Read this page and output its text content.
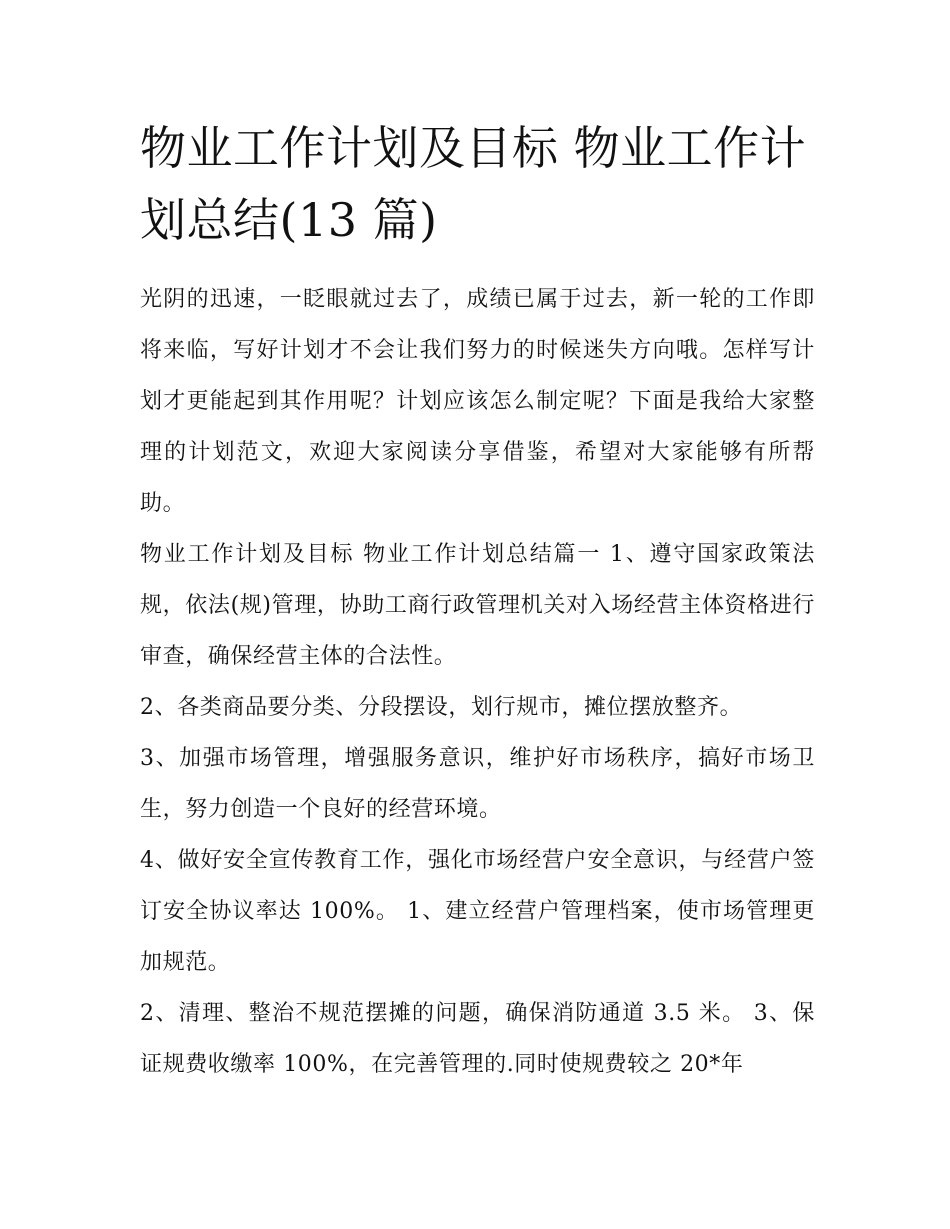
物业工作计划及目标 物业工作计划总结(13 篇)

光阴的迅速，一眨眼就过去了，成绩已属于过去，新一轮的工作即将来临，写好计划才不会让我们努力的时候迷失方向哦。怎样写计划才更能起到其作用呢？计划应该怎么制定呢？下面是我给大家整理的计划范文，欢迎大家阅读分享借鉴，希望对大家能够有所帮助。

物业工作计划及目标 物业工作计划总结篇一 1、遵守国家政策法规，依法(规)管理，协助工商行政管理机关对入场经营主体资格进行审查，确保经营主体的合法性。

2、各类商品要分类、分段摆设，划行规市，摊位摆放整齐。

3、加强市场管理，增强服务意识，维护好市场秩序，搞好市场卫生，努力创造一个良好的经营环境。

4、做好安全宣传教育工作，强化市场经营户安全意识，与经营户签订安全协议率达 100%。 1、建立经营户管理档案，使市场管理更加规范。

2、清理、整治不规范摆摊的问题，确保消防通道 3.5 米。 3、保证规费收缴率 100%，在完善管理的.同时使规费较之 20*年
